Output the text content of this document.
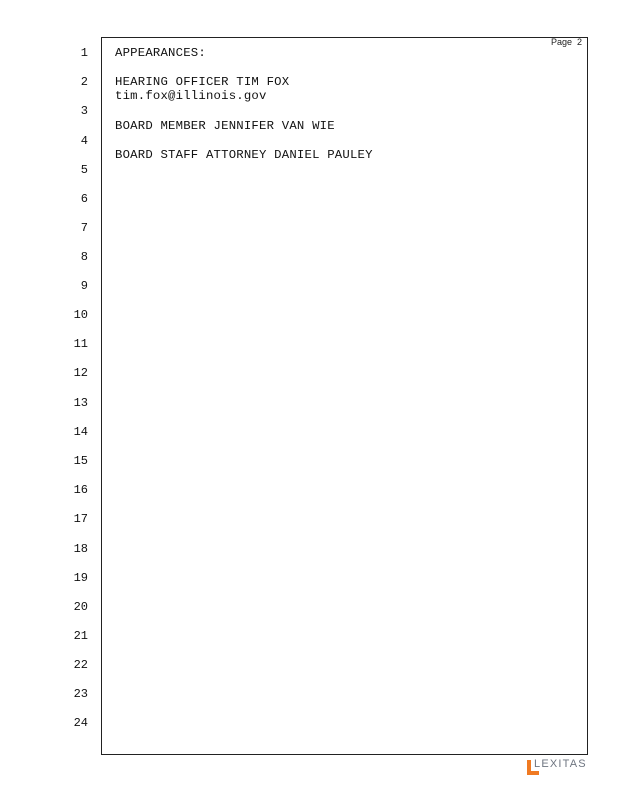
Page 2
1
2
3
4
5
6
7
8
9
10
11
12
13
14
15
16
17
18
19
20
21
22
23
24
APPEARANCES:
HEARING OFFICER TIM FOX
tim.fox@illinois.gov
BOARD MEMBER JENNIFER VAN WIE
BOARD STAFF ATTORNEY DANIEL PAULEY
LEXITAS
